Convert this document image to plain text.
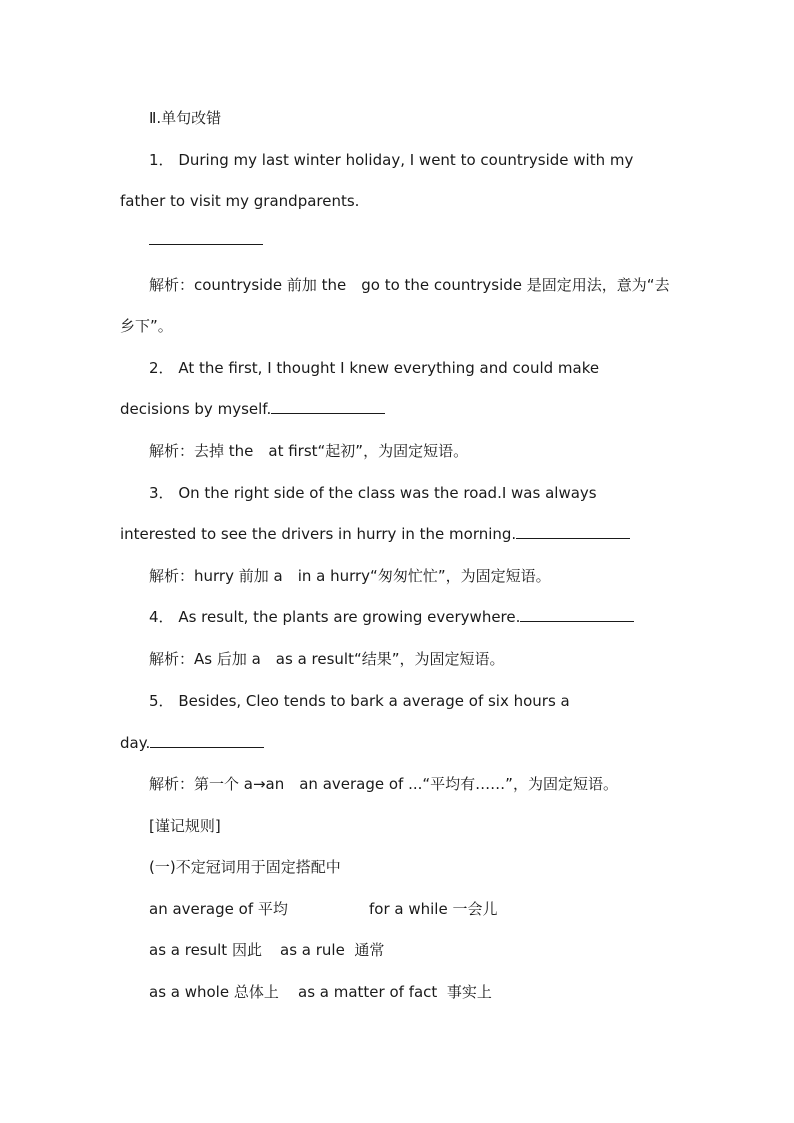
Ⅱ.单句改错
1． During my last winter holiday, I went to countryside with my
father to visit my grandparents.
解析：countryside 前加 the　go to the countryside 是固定用法，意为“去
乡下”。
2． At the first, I thought I knew everything and could make
decisions by myself.
解析：去掉 the　at first“起初”，为固定短语。
3． On the right side of the class was the road.I was always
interested to see the drivers in hurry in the morning.
解析：hurry 前加 a　in a hurry“匆匆忙忙”，为固定短语。
4． As result, the plants are growing everywhere.
解析：As 后加 a　as a result“结果”，为固定短语。
5． Besides, Cleo tends to bark a average of six hours a
day.
解析：第一个 a→an　an average of ...“平均有……”，为固定短语。
[谨记规则]
(一)不定冠词用于固定搭配中
an average of 平均	for a while 一会儿
as a result 因此 as a rule  通常
as a whole 总体上 as a matter of fact  事实上
